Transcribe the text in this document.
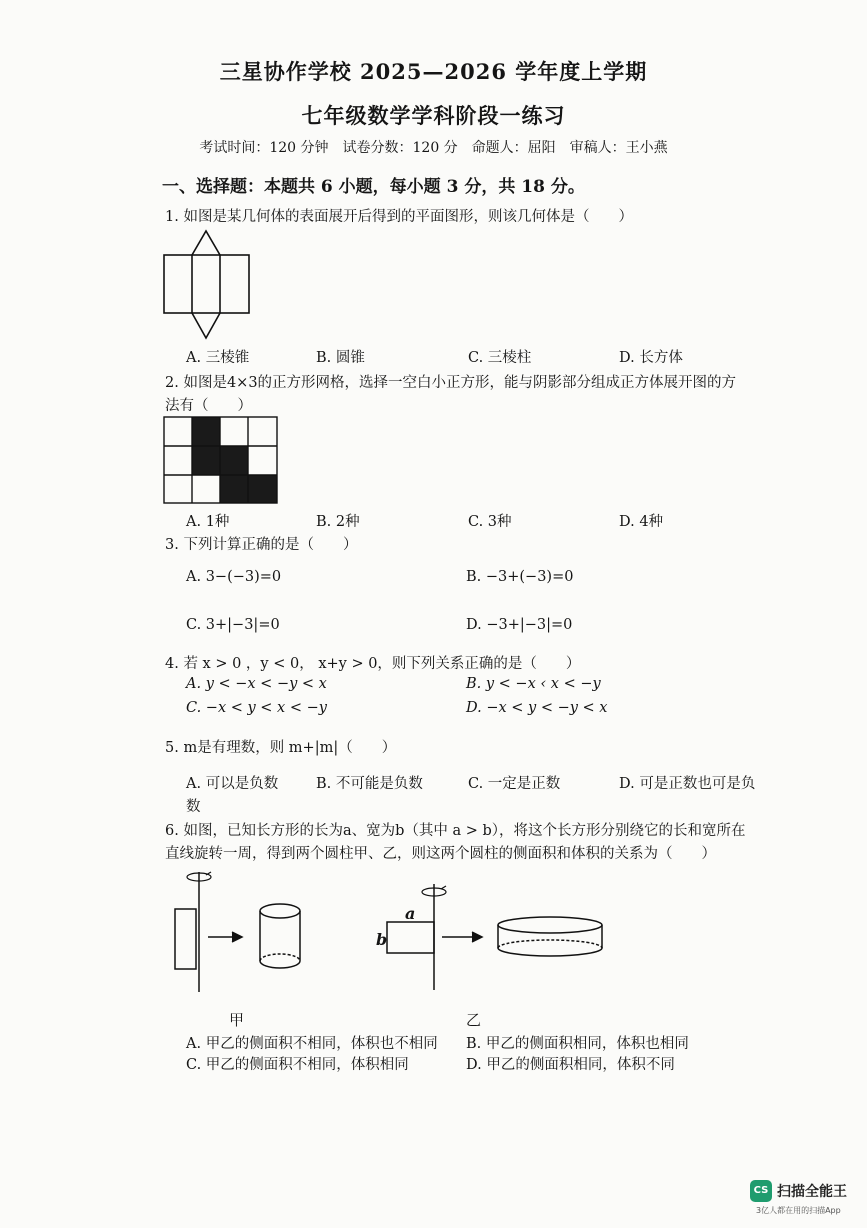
三星协作学校 2025—2026 学年度上学期
七年级数学学科阶段一练习
考试时间：120 分钟　试卷分数：120 分　命题人：屈阳　审稿人：王小燕
一、选择题：本题共 6 小题，每小题 3 分，共 18 分。
1. 如图是某几何体的表面展开后得到的平面图形，则该几何体是（　　）
A. 三棱锥	B. 圆锥	C. 三棱柱	D. 长方体
2. 如图是4×3的正方形网格，选择一空白小正方形，能与阴影部分组成正方体展开图的方
法有（　　）
A. 1种	B. 2种	C. 3种	D. 4种
3. 下列计算正确的是（　　）
A. 3−(−3)=0	B. −3+(−3)=0
C. 3+|−3|=0	D. −3+|−3|=0
4. 若 x > 0 ，y < 0， x+y > 0，则下列关系正确的是（　　）
A. y < −x < −y < x	B. y < −x ‹ x < −y
C. −x < y < x < −y	D. −x < y < −y < x
5. m是有理数，则 m+|m|（　　）
A. 可以是负数	B. 不可能是负数	C. 一定是正数	D. 可是正数也可是负
数
6. 如图，已知长方形的长为a、宽为b（其中 a > b），将这个长方形分别绕它的长和宽所在
直线旋转一周，得到两个圆柱甲、乙，则这两个圆柱的侧面积和体积的关系为（　　）
a
b
甲	乙
A. 甲乙的侧面积不相同，体积也不相同 B. 甲乙的侧面积相同，体积也相同
C. 甲乙的侧面积不相同，体积相同	D. 甲乙的侧面积相同，体积不同
CS 扫描全能王
3亿人都在用的扫描App
